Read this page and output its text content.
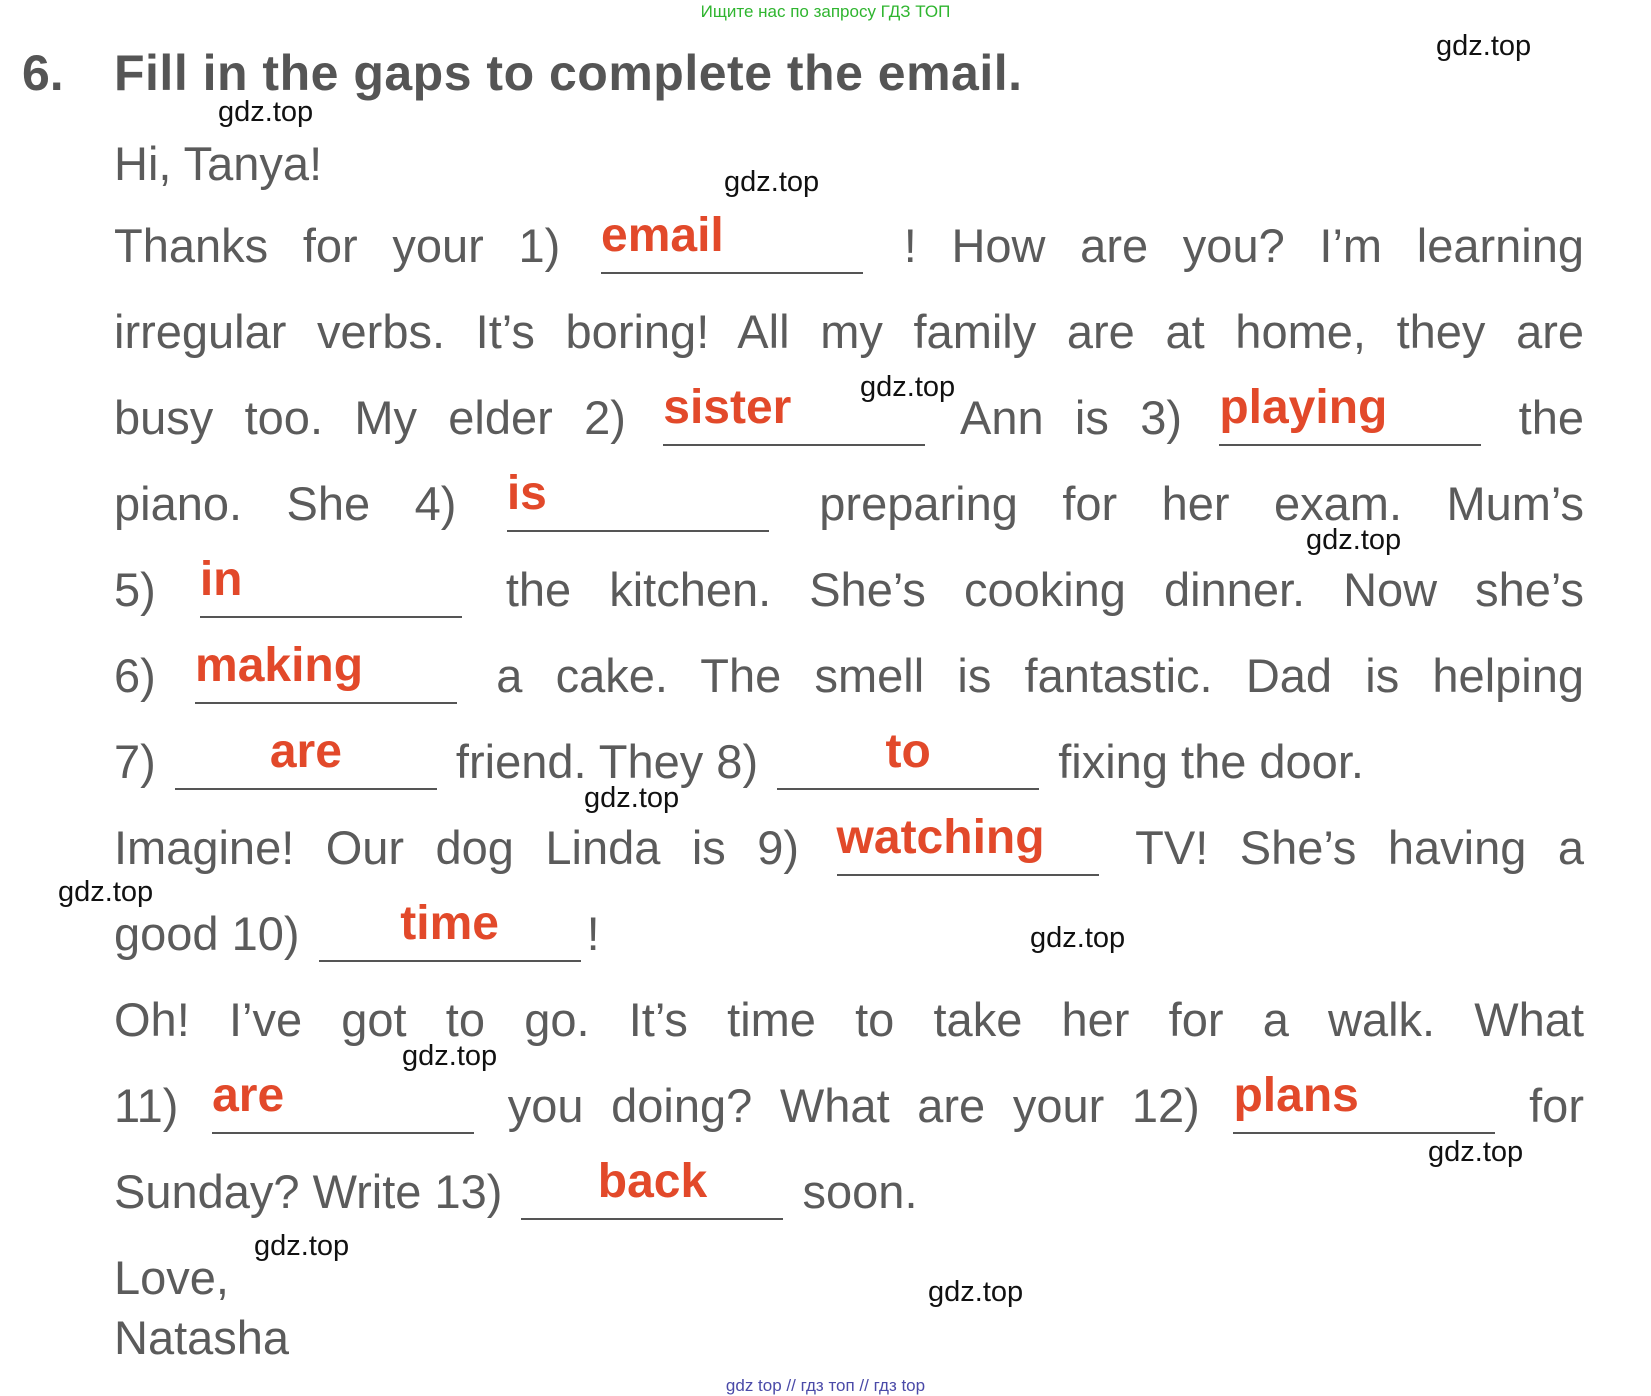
Ищите нас по запросу ГДЗ ТОП
gdz.top
gdz.top
gdz.top
gdz.top
gdz.top
gdz.top
gdz.top
gdz.top
gdz.top
gdz.top
gdz.top
gdz.top
6. Fill in the gaps to complete the email.
Hi, Tanya!
Thanks for your 1) email	! How are you? I’m learning
irregular verbs. It’s boring! All my family are at home, they are
busy too. My elder 2) sister	Ann is 3) playing	the
piano. She 4) is	preparing for her exam. Mum’s
5) in	the kitchen. She’s cooking dinner. Now she’s
6) making	a cake. The smell is fantastic. Dad is helping
7)	are	friend. They 8)	to	fixing the door.
Imagine! Our dog Linda is 9) watching	TV! She’s having a
good 10)	time	!
Oh! I’ve got to go. It’s time to take her for a walk. What
11) are	you doing? What are your 12) plans	for
Sunday? Write 13)	back	soon.
Love,
Natasha
gdz top // гдз топ // гдз top
